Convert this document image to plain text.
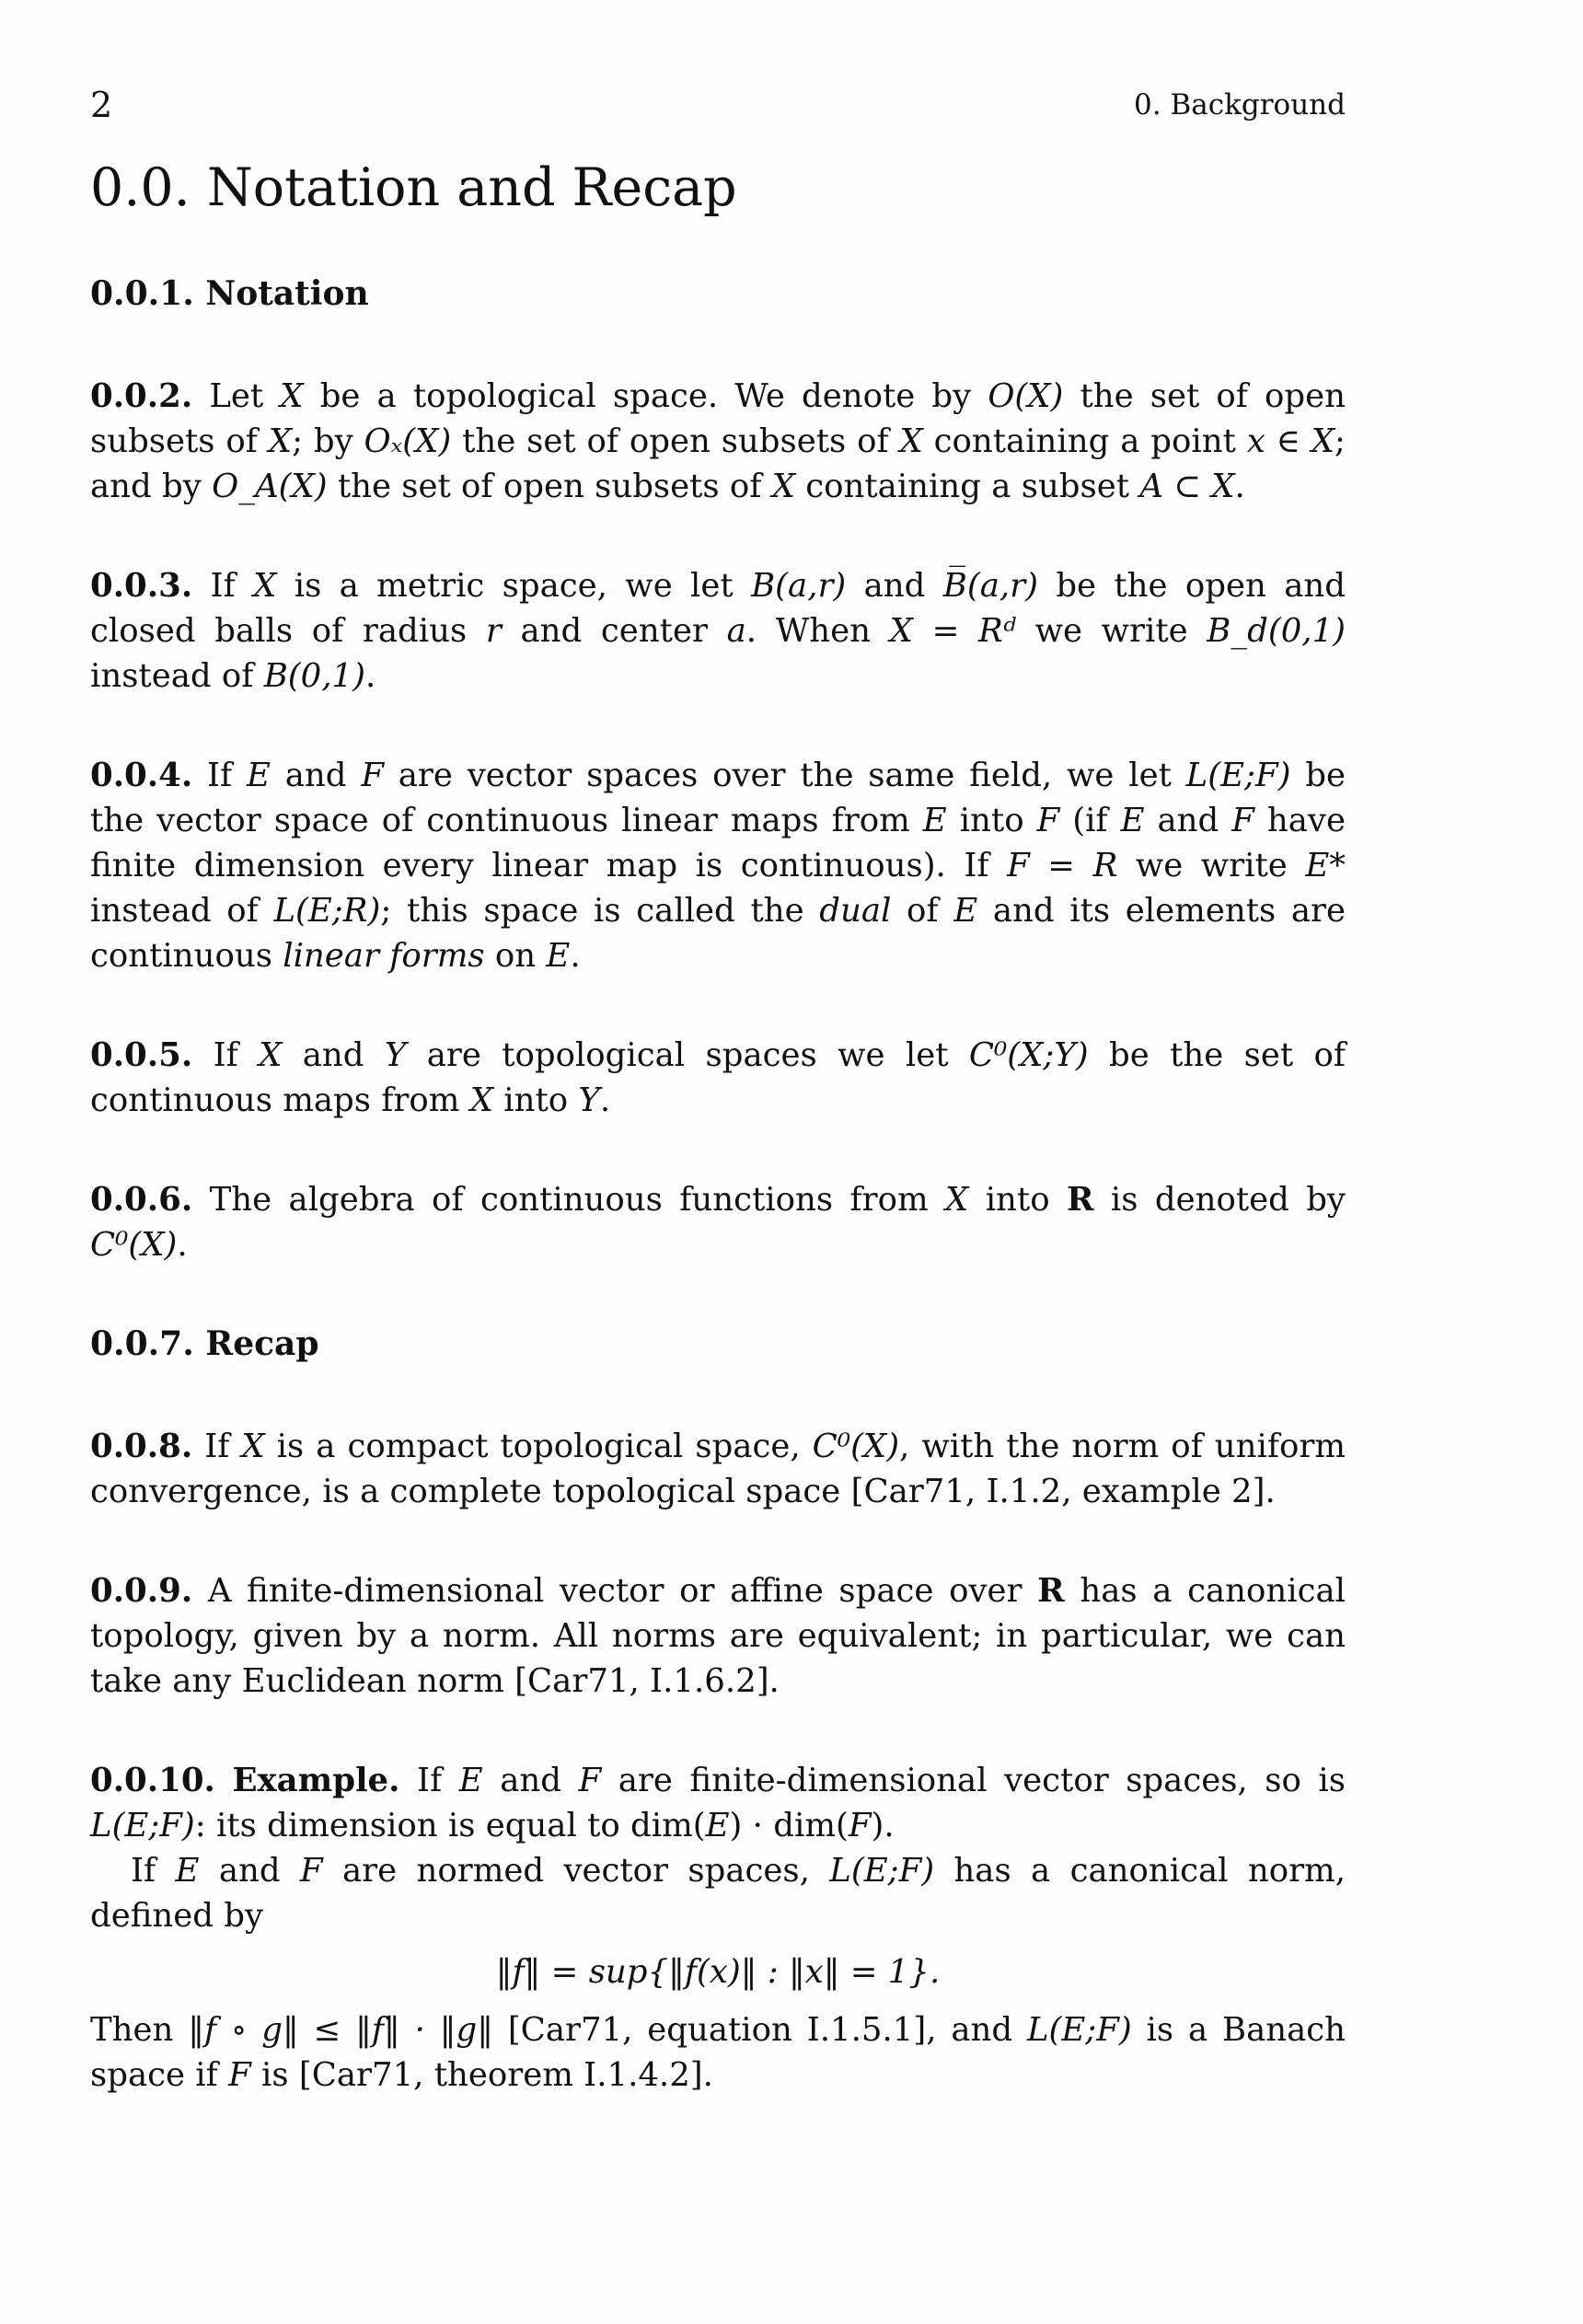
2	0. Background
0.0. Notation and Recap

0.0.1. Notation

0.0.2. Let X be a topological space. We denote by O(X) the set of open subsets of X; by Oₓ(X) the set of open subsets of X containing a point x ∈ X; and by O_A(X) the set of open subsets of X containing a subset A ⊂ X.

0.0.3. If X is a metric space, we let B(a,r) and B̅(a,r) be the open and closed balls of radius r and center a. When X = Rᵈ we write B_d(0,1) instead of B(0,1).

0.0.4. If E and F are vector spaces over the same field, we let L(E;F) be the vector space of continuous linear maps from E into F (if E and F have finite dimension every linear map is continuous). If F = R we write E* instead of L(E;R); this space is called the dual of E and its elements are continuous linear forms on E.

0.0.5. If X and Y are topological spaces we let C⁰(X;Y) be the set of continuous maps from X into Y.

0.0.6. The algebra of continuous functions from X into R is denoted by C⁰(X).

0.0.7. Recap

0.0.8. If X is a compact topological space, C⁰(X), with the norm of uniform convergence, is a complete topological space [Car71, I.1.2, example 2].

0.0.9. A finite-dimensional vector or affine space over R has a canonical topology, given by a norm. All norms are equivalent; in particular, we can take any Euclidean norm [Car71, I.1.6.2].

0.0.10. Example. If E and F are finite-dimensional vector spaces, so is L(E;F): its dimension is equal to dim(E) · dim(F).
If E and F are normed vector spaces, L(E;F) has a canonical norm, defined by

‖f‖ = sup{‖f(x)‖ : ‖x‖ = 1}.

Then ‖f ∘ g‖ ≤ ‖f‖ · ‖g‖ [Car71, equation I.1.5.1], and L(E;F) is a Banach space if F is [Car71, theorem I.1.4.2].
